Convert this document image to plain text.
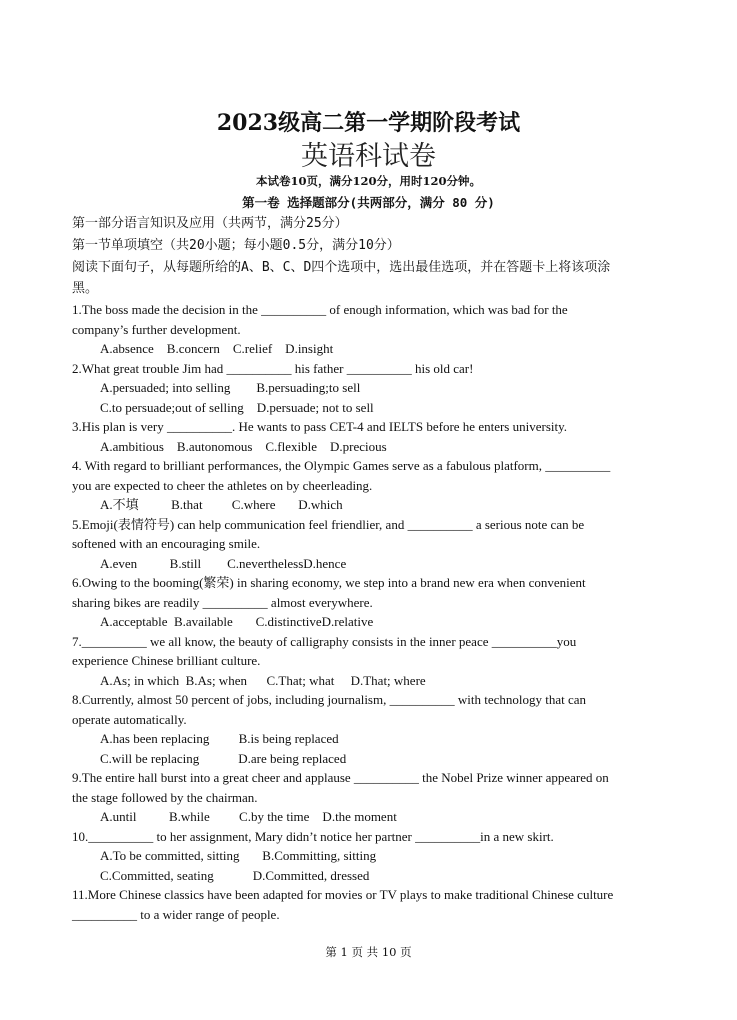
2023级高二第一学期阶段考试
英语科试卷
本试卷10页，满分120分，用时120分钟。
第一卷 选择题部分(共两部分，满分 80 分)
第一部分语言知识及应用（共两节，满分25分）
第一节单项填空（共20小题；每小题0.5分，满分10分）
阅读下面句子，从每题所给的A、B、C、D四个选项中，选出最佳选项，并在答题卡上将该项涂
黑。
1.The boss made the decision in the __________ of enough information, which was bad for the
company’s further development.
A.absence    B.concern    C.relief    D.insight
2.What great trouble Jim had __________ his father __________ his old car!
A.persuaded; into selling        B.persuading;to sell
C.to persuade;out of selling    D.persuade; not to sell
3.His plan is very __________. He wants to pass CET-4 and IELTS before he enters university.
A.ambitious    B.autonomous    C.flexible    D.precious
4. With regard to brilliant performances, the Olympic Games serve as a fabulous platform, __________
you are expected to cheer the athletes on by cheerleading.
A.不填          B.that         C.where       D.which
5.Emoji(表情符号) can help communication feel friendlier, and __________ a serious note can be
softened with an encouraging smile.
A.even          B.still        C.neverthelessD.hence
6.Owing to the booming(繁荣) in sharing economy, we step into a brand new era when convenient
sharing bikes are readily __________ almost everywhere.
A.acceptable  B.available       C.distinctiveD.relative
7.__________ we all know, the beauty of calligraphy consists in the inner peace __________you
experience Chinese brilliant culture.
A.As; in which  B.As; when      C.That; what     D.That; where
8.Currently, almost 50 percent of jobs, including journalism, __________ with technology that can
operate automatically.
A.has been replacing         B.is being replaced
C.will be replacing            D.are being replaced
9.The entire hall burst into a great cheer and applause __________ the Nobel Prize winner appeared on
the stage followed by the chairman.
A.until          B.while         C.by the time    D.the moment
10.__________ to her assignment, Mary didn’t notice her partner __________in a new skirt.
A.To be committed, sitting       B.Committing, sitting
C.Committed, seating            D.Committed, dressed
11.More Chinese classics have been adapted for movies or TV plays to make traditional Chinese culture
__________ to a wider range of people.
第 1 页 共 10 页
